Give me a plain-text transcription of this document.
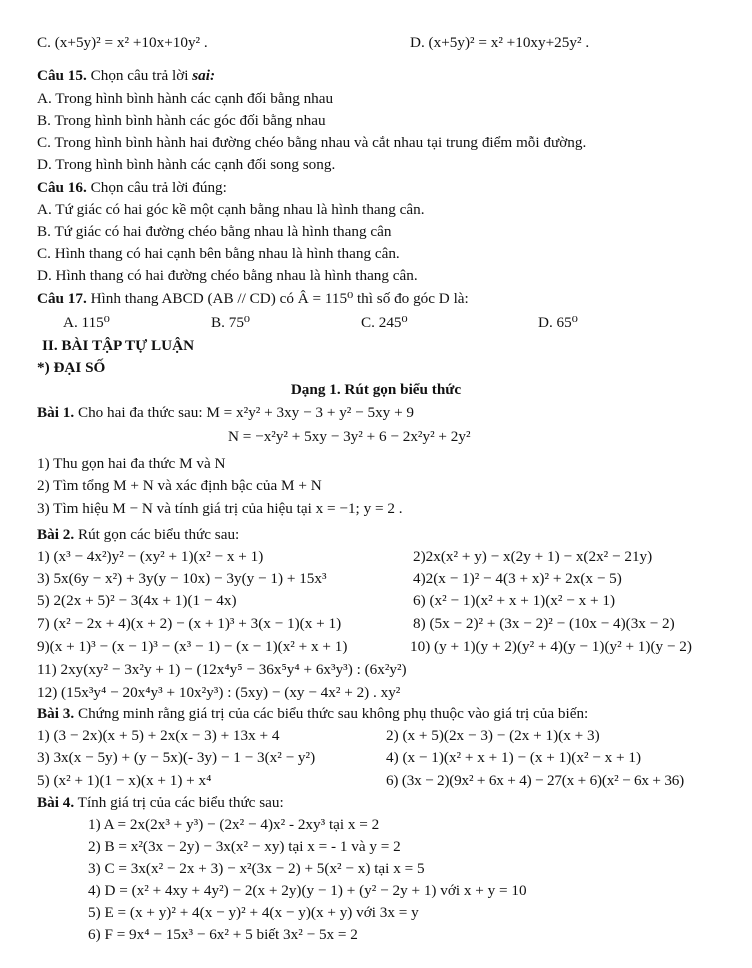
C. (x+5y)² = x² +10x+10y² .	D. (x+5y)² = x² +10xy+25y² .
Câu 15. Chọn câu trả lời sai:
A. Trong hình bình hành các cạnh đối bằng nhau
B. Trong hình bình hành các góc đối bằng nhau
C. Trong hình bình hành hai đường chéo bằng nhau và cắt nhau tại trung điểm mỗi đường.
D. Trong hình bình hành các cạnh đối song song.
Câu 16. Chọn câu trả lời đúng:
A. Tứ giác có hai góc kề một cạnh bằng nhau là hình thang cân.
B. Tứ giác có hai đường chéo bằng nhau là hình thang cân
C. Hình thang có hai cạnh bên bằng nhau là hình thang cân.
D. Hình thang có hai đường chéo bằng nhau là hình thang cân.
Câu 17. Hình thang ABCD (AB // CD) có Â = 115⁰ thì số đo góc D là:
A. 115⁰	B. 75⁰	C. 245⁰	D. 65⁰
II. BÀI TẬP TỰ LUẬN
*) ĐẠI SỐ
Dạng 1. Rút gọn biểu thức
Bài 1. Cho hai đa thức sau: M = x²y² + 3xy − 3 + y² − 5xy + 9
N = −x²y² + 5xy − 3y² + 6 − 2x²y² + 2y²
1) Thu gọn hai đa thức M và N
2) Tìm tổng M + N và xác định bậc của M + N
3) Tìm hiệu M − N và tính giá trị của hiệu tại x = −1; y = 2 .
Bài 2. Rút gọn các biểu thức sau:
1) (x³ − 4x²)y² − (xy² + 1)(x² − x + 1)	2)2x(x² + y) − x(2y + 1) − x(2x² − 21y)
3) 5x(6y − x²) + 3y(y − 10x) − 3y(y − 1) + 15x³	4)2(x − 1)² − 4(3 + x)² + 2x(x − 5)
5) 2(2x + 5)² − 3(4x + 1)(1 − 4x)	6) (x² − 1)(x² + x + 1)(x² − x + 1)
7) (x² − 2x + 4)(x + 2) − (x + 1)³ + 3(x − 1)(x + 1)	8) (5x − 2)² + (3x − 2)² − (10x − 4)(3x − 2)
9)(x + 1)³ − (x − 1)³ − (x³ − 1) − (x − 1)(x² + x + 1)	10) (y + 1)(y + 2)(y² + 4)(y − 1)(y² + 1)(y − 2)
11) 2xy(xy² − 3x²y + 1) − (12x⁴y⁵ − 36x⁵y⁴ + 6x³y³) : (6x²y²)
12) (15x³y⁴ − 20x⁴y³ + 10x²y³) : (5xy) − (xy − 4x² + 2) . xy²
Bài 3. Chứng minh rằng giá trị của các biểu thức sau không phụ thuộc vào giá trị của biến:
1) (3 − 2x)(x + 5) + 2x(x − 3) + 13x + 4	2) (x + 5)(2x − 3) − (2x + 1)(x + 3)
3) 3x(x − 5y) + (y − 5x)(- 3y) − 1 − 3(x² − y²)	4) (x − 1)(x² + x + 1) − (x + 1)(x² − x + 1)
5) (x² + 1)(1 − x)(x + 1) + x⁴	6) (3x − 2)(9x² + 6x + 4) − 27(x + 6)(x² − 6x + 36)
Bài 4. Tính giá trị của các biểu thức sau:
1) A = 2x(2x³ + y³) − (2x² − 4)x² - 2xy³ tại x = 2
2) B = x²(3x − 2y) − 3x(x² − xy) tại x = - 1 và y = 2
3) C = 3x(x² − 2x + 3) − x²(3x − 2) + 5(x² − x) tại x = 5
4) D = (x² + 4xy + 4y²) − 2(x + 2y)(y − 1) + (y² − 2y + 1) với x + y = 10
5) E = (x + y)² + 4(x − y)² + 4(x − y)(x + y) với 3x = y
6) F = 9x⁴ − 15x³ − 6x² + 5 biết 3x² − 5x = 2
